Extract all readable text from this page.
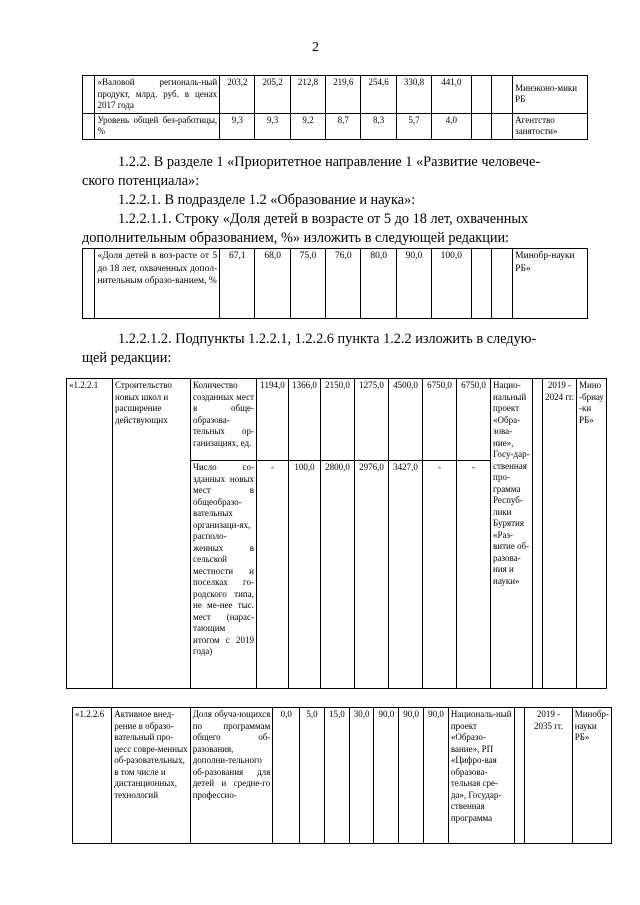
2
	«Валовой региональ-ный продукт, млрд. руб. в ценах 2017 года	203,2	205,2	212,8	219,6	254,6	330,8	441,0			Минэконо-мики РБ
	Уровень общей без-работицы, %	9,3	9,3	9,2	8,7	8,3	5,7	4,0			Агентство занятости»
1.2.2. В разделе 1 «Приоритетное направление 1 «Развитие человече-
ского потенциала»:
1.2.2.1. В подразделе 1.2 «Образование и наука»:
1.2.2.1.1. Строку «Доля детей в возрасте от 5 до 18 лет, охваченных
дополнительным образованием, %» изложить в следующей редакции:
	«Доля детей в воз-расте от 5 до 18 лет, охваченных допол-нительным образо-ванием, %	67,1	68,0	75,0	76,0	80,0	90,0	100,0			Минобр-науки РБ»
1.2.2.1.2. Подпункты 1.2.2.1, 1.2.2.6 пункта 1.2.2 изложить в следую-
щей редакции:
«1.2.2.1	Строительство новых школ и расширение действующих	Количество созданных мест в обще-образова-тельных ор-ганизациях, ед.	1194,0	1366,0	2150,0	1275,0	4500,0	6750,0	6750,0	Нацио-нальный проект «Обра-зова-ние», Госу-дар-ственная про-грамма Респуб-лики Бурятия «Раз-витие об-разова-ния и науки»		2019 - 2024 гг.	Мино-брнау-ки РБ»
		Число со-зданных новых мест в общеобразо-вательных организаци-ях, располо-женных в сельской местности и поселках го-родского типа, не ме-нее тыс. мест (нарас-тающим итогом с 2019 года)	-	100,0	2800,0	2976,0	3427,0	-	-				
«1.2.2.6	Активное внед-рение в образо-вательный про-цесс совре-менных об-разовательных, в том числе и дистанционных, технологий	Доля обуча-ющихся по программам общего об-разования, дополни-тельного об-разования для детей и средне-го профессио-	0,0	5,0	15,0	30,0	90,0	90,0	90,0	Националь-ный проект «Образо-вание», РП «Цифро-вая образова-тельная сре-да», Государ-ственная программа		2019 - 2035 гг.	Минобр-науки РБ»
